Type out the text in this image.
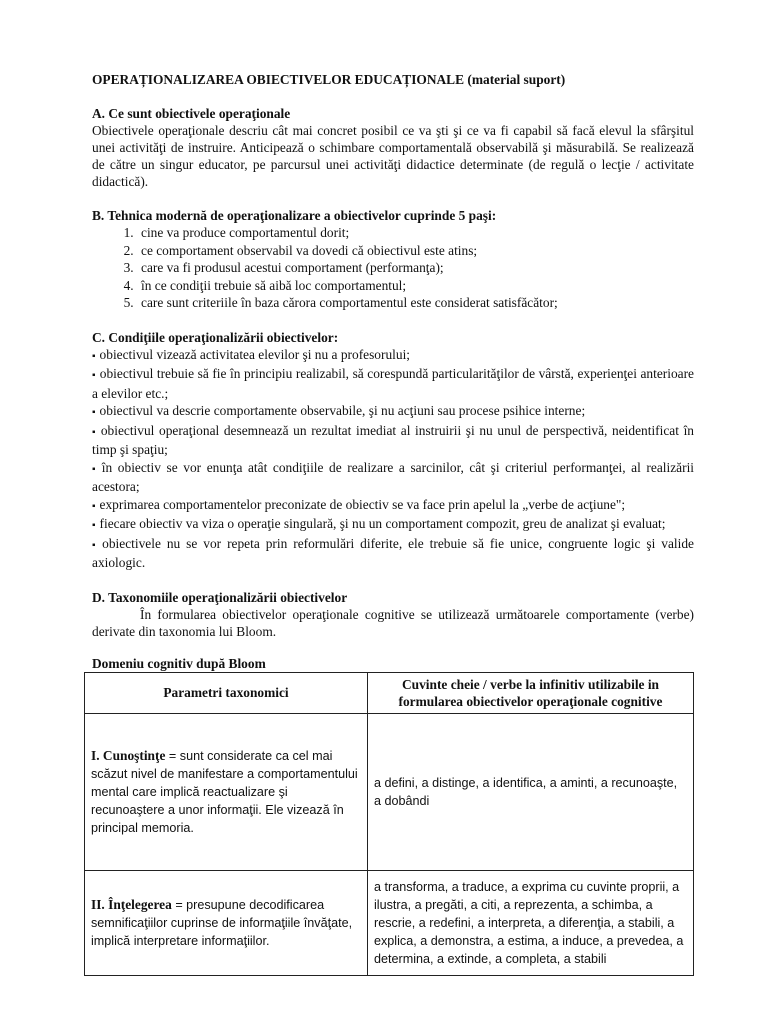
OPERAȚIONALIZAREA OBIECTIVELOR EDUCAȚIONALE (material suport)
A. Ce sunt obiectivele operaţionale

Obiectivele operaţionale descriu cât mai concret posibil ce va şti şi ce va fi capabil să facă elevul la sfârşitul unei activităţi de instruire. Anticipează o schimbare comportamentală observabilă şi măsurabilă. Se realizează de către un singur educator, pe parcursul unei activităţi didactice determinate (de regulă o lecţie / activitate didactică).

B. Tehnica modernă de operaţionalizare a obiectivelor cuprinde 5 paşi:
1. cine va produce comportamentul dorit;
2. ce comportament observabil va dovedi că obiectivul este atins;
3. care va fi produsul acestui comportament (performanţa);
4. în ce condiţii trebuie să aibă loc comportamentul;
5. care sunt criteriile în baza cărora comportamentul este considerat satisfăcător;
C. Condiţiile operaţionalizării obiectivelor:
▪ obiectivul vizează activitatea elevilor şi nu a profesorului;
▪ obiectivul trebuie să fie în principiu realizabil, să corespundă particularităţilor de vârstă, experienţei anterioare a elevilor etc.;
▪ obiectivul va descrie comportamente observabile, şi nu acţiuni sau procese psihice interne;
▪ obiectivul operaţional desemnează un rezultat imediat al instruirii şi nu unul de perspectivă, neidentificat în timp şi spaţiu;
▪ în obiectiv se vor enunţa atât condiţiile de realizare a sarcinilor, cât şi criteriul performanţei, al realizării acestora;
▪ exprimarea comportamentelor preconizate de obiectiv se va face prin apelul la „verbe de acţiune";
▪ fiecare obiectiv va viza o operaţie singulară, şi nu un comportament compozit, greu de analizat şi evaluat;
▪ obiectivele nu se vor repeta prin reformulări diferite, ele trebuie să fie unice, congruente logic şi valide axiologic.
D. Taxonomiile operaţionalizării obiectivelor

În formularea obiectivelor operaţionale cognitive se utilizează următoarele comportamente (verbe) derivate din taxonomia lui Bloom.

Domeniu cognitiv după Bloom
Parametri taxonomici	Cuvinte cheie / verbe la infinitiv utilizabile in formularea obiectivelor operaţionale cognitive
I. Cunoştinţe = sunt considerate ca cel mai scăzut nivel de manifestare a comportamentului mental care implică reactualizare şi recunoaştere a unor informaţii. Ele vizează în principal memoria.	a defini, a distinge, a identifica, a aminti, a recunoaşte, a dobândi
II. Înţelegerea = presupune decodificarea semnificaţiilor cuprinse de informaţiile învăţate, implică interpretare informaţiilor.	a transforma, a traduce, a exprima cu cuvinte proprii, a ilustra, a pregăti, a citi, a reprezenta, a schimba, a rescrie, a redefini, a interpreta, a diferenţia, a stabili, a explica, a demonstra, a estima, a induce, a prevedea, a determina, a extinde, a completa, a stabili
